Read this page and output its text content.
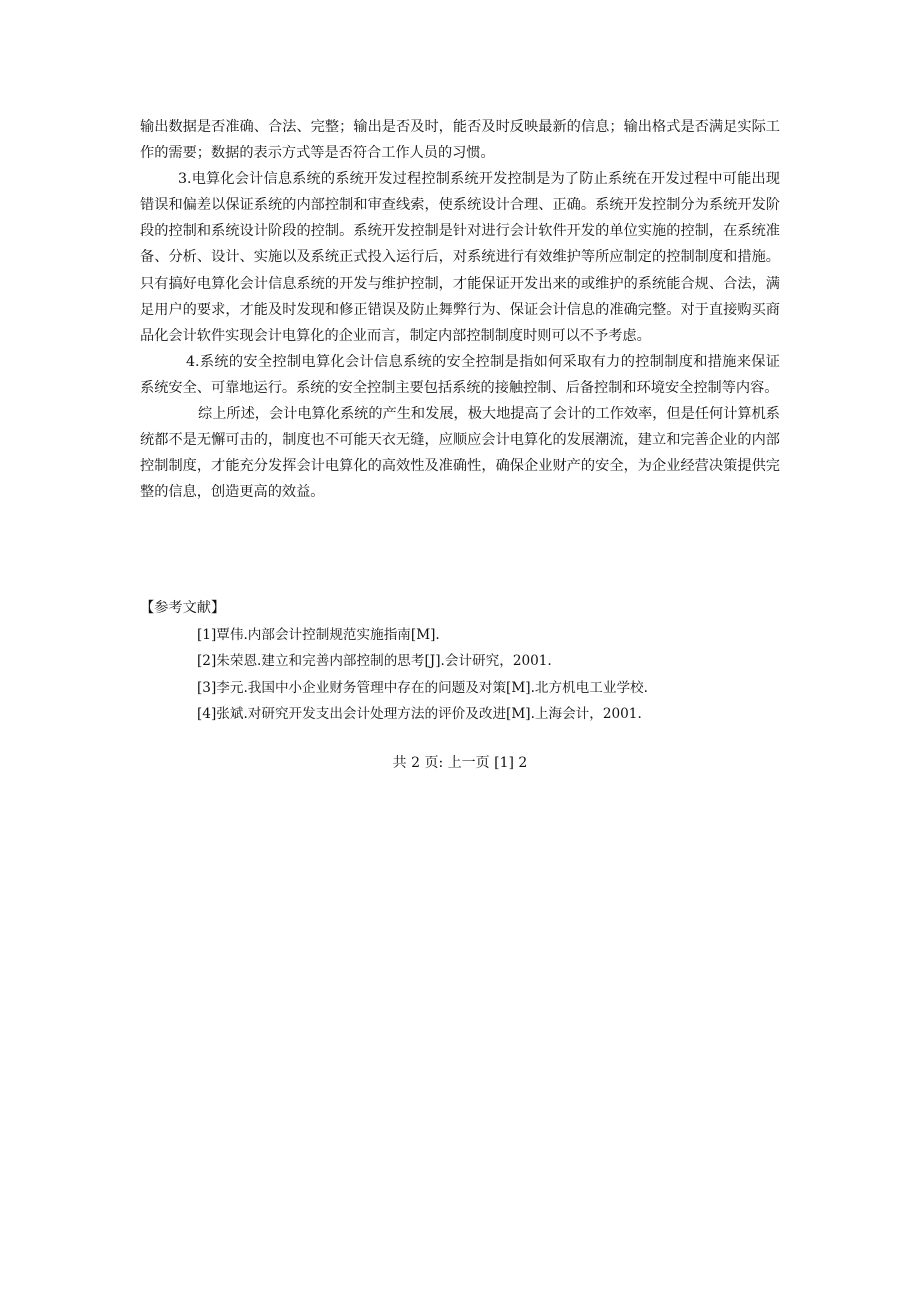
输出数据是否准确、合法、完整；输出是否及时，能否及时反映最新的信息；输出格式是否满足实际工作的需要；数据的表示方式等是否符合工作人员的习惯。

3.电算化会计信息系统的系统开发过程控制系统开发控制是为了防止系统在开发过程中可能出现错误和偏差以保证系统的内部控制和审查线索，使系统设计合理、正确。系统开发控制分为系统开发阶段的控制和系统设计阶段的控制。系统开发控制是针对进行会计软件开发的单位实施的控制，在系统准备、分析、设计、实施以及系统正式投入运行后，对系统进行有效维护等所应制定的控制制度和措施。只有搞好电算化会计信息系统的开发与维护控制，才能保证开发出来的或维护的系统能合规、合法，满足用户的要求，才能及时发现和修正错误及防止舞弊行为、保证会计信息的准确完整。对于直接购买商品化会计软件实现会计电算化的企业而言，制定内部控制制度时则可以不予考虑。

4.系统的安全控制电算化会计信息系统的安全控制是指如何采取有力的控制制度和措施来保证系统安全、可靠地运行。系统的安全控制主要包括系统的接触控制、后备控制和环境安全控制等内容。

综上所述，会计电算化系统的产生和发展，极大地提高了会计的工作效率，但是任何计算机系统都不是无懈可击的，制度也不可能天衣无缝，应顺应会计电算化的发展潮流，建立和完善企业的内部控制制度，才能充分发挥会计电算化的高效性及准确性，确保企业财产的安全，为企业经营决策提供完整的信息，创造更高的效益。

【参考文献】

[1]覃伟.内部会计控制规范实施指南[M].
[2]朱荣恩.建立和完善内部控制的思考[J].会计研究，2001.
[3]李元.我国中小企业财务管理中存在的问题及对策[M].北方机电工业学校.
[4]张斌.对研究开发支出会计处理方法的评价及改进[M].上海会计，2001.
共 2 页: 上一页 [1] 2
